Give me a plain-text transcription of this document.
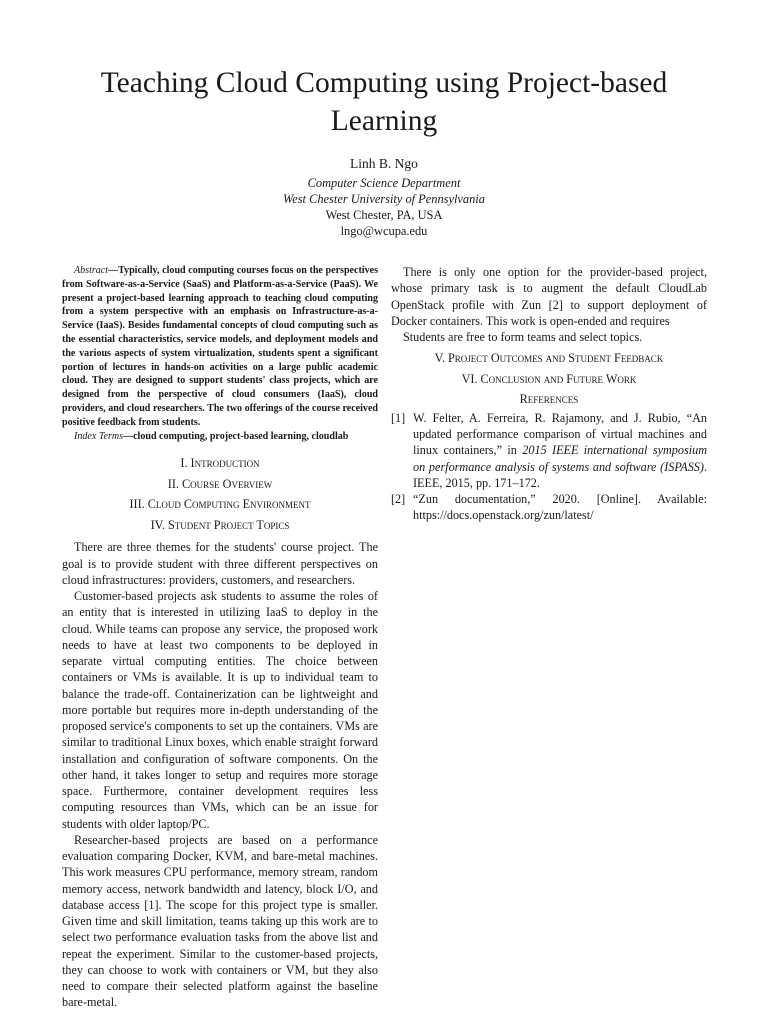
Teaching Cloud Computing using Project-based Learning
Linh B. Ngo
Computer Science Department
West Chester University of Pennsylvania
West Chester, PA, USA
lngo@wcupa.edu

Abstract—Typically, cloud computing courses focus on the perspectives from Software-as-a-Service (SaaS) and Platform-as-a-Service (PaaS). We present a project-based learning approach to teaching cloud computing from a system perspective with an emphasis on Infrastructure-as-a-Service (IaaS). Besides fundamental concepts of cloud computing such as the essential characteristics, service models, and deployment models and the various aspects of system virtualization, students spent a significant portion of lectures in hands-on activities on a large public academic cloud. They are designed to support students' class projects, which are designed from the perspective of cloud consumers (IaaS), cloud providers, and cloud researchers. The two offerings of the course received positive feedback from students.

Index Terms—cloud computing, project-based learning, cloudlab

I. Introduction
II. Course Overview
III. Cloud Computing Environment
IV. Student Project Topics

There are three themes for the students' course project. The goal is to provide student with three different perspectives on cloud infrastructures: providers, customers, and researchers.

Customer-based projects ask students to assume the roles of an entity that is interested in utilizing IaaS to deploy in the cloud. While teams can propose any service, the proposed work needs to have at least two components to be deployed in separate virtual computing entities. The choice between containers or VMs is available. It is up to individual team to balance the trade-off. Containerization can be lightweight and more portable but requires more in-depth understanding of the proposed service's components to set up the containers. VMs are similar to traditional Linux boxes, which enable straight forward installation and configuration of software components. On the other hand, it takes longer to setup and requires more storage space. Furthermore, container development requires less computing resources than VMs, which can be an issue for students with older laptop/PC.

Researcher-based projects are based on a performance evaluation comparing Docker, KVM, and bare-metal machines. This work measures CPU performance, memory stream, random memory access, network bandwidth and latency, block I/O, and database access [1]. The scope for this project type is smaller. Given time and skill limitation, teams taking up this work are to select two performance evaluation tasks from the above list and repeat the experiment. Similar to the customer-based projects, they can choose to work with containers or VM, but they also need to compare their selected platform against the baseline bare-metal.

There is only one option for the provider-based project, whose primary task is to augment the default CloudLab OpenStack profile with Zun [2] to support deployment of Docker containers. This work is open-ended and requires

Students are free to form teams and select topics.

V. Project Outcomes and Student Feedback
VI. Conclusion and Future Work
References
[1] W. Felter, A. Ferreira, R. Rajamony, and J. Rubio, “An updated performance comparison of virtual machines and linux containers,” in 2015 IEEE international symposium on performance analysis of systems and software (ISPASS). IEEE, 2015, pp. 171–172.
[2] “Zun documentation,” 2020. [Online]. Available: https://docs.openstack.org/zun/latest/
